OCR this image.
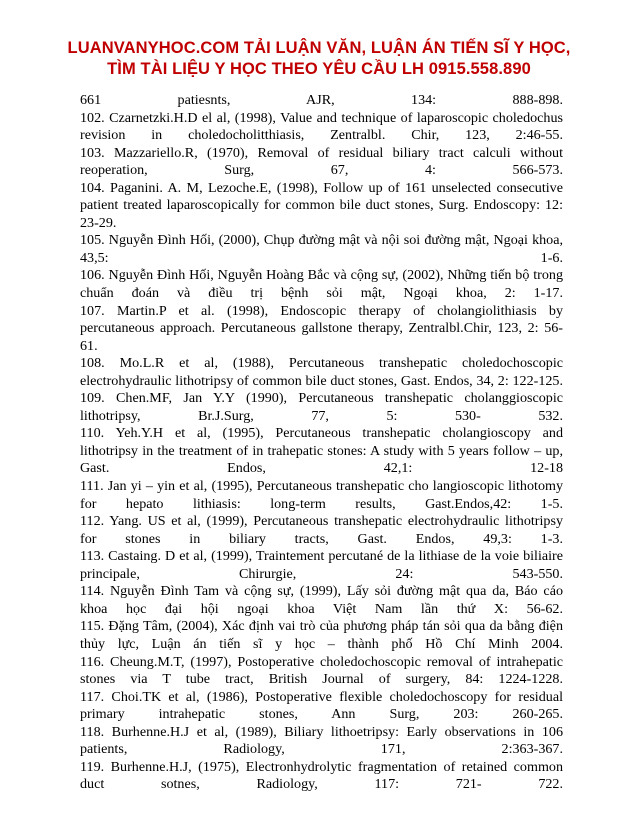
LUANVANYHOC.COM TẢI LUẬN VĂN, LUẬN ÁN TIẾN SĨ Y HỌC,
TÌM TÀI LIỆU Y HỌC THEO YÊU CẦU LH 0915.558.890
661 patiesnts, AJR, 134: 888-898.
102. Czarnetzki.H.D el al, (1998), Value and technique of laparoscopic choledochus
revision in choledocholitthiasis, Zentralbl. Chir, 123, 2:46-55.
103. Mazzariello.R, (1970), Removal of residual biliary tract calculi without
reoperation, Surg, 67, 4: 566-573.
104. Paganini. A. M, Lezoche.E, (1998), Follow up of 161 unselected consecutive
patient treated laparoscopically for common bile duct stones, Surg. Endoscopy: 12:
23-29.
105. Nguyễn Đình Hối, (2000), Chụp đường mật và nội soi đường mật, Ngoại khoa,
43,5: 1-6.
106. Nguyễn Đình Hối, Nguyễn Hoàng Bắc và cộng sự, (2002), Những tiến bộ trong
chuẩn đoán và điều trị bệnh sỏi mật, Ngoại khoa, 2: 1-17.
107. Martin.P et al. (1998), Endoscopic therapy of cholangiolithiasis by
percutaneous approach. Percutaneous gallstone therapy, Zentralbl.Chir, 123, 2: 56-
61.
108. Mo.L.R et al, (1988), Percutaneous transhepatic choledochoscopic
electrohydraulic lithotripsy of common bile duct stones, Gast. Endos, 34, 2: 122-125.
109. Chen.MF, Jan Y.Y (1990), Percutaneous transhepatic cholanggioscopic
lithotripsy, Br.J.Surg, 77, 5: 530- 532.
110. Yeh.Y.H et al, (1995), Percutaneous transhepatic cholangioscopy and
lithotripsy in the treatment of in trahepatic stones: A study with 5 years follow – up,
Gast. Endos, 42,1: 12-18
111. Jan yi – yin et al, (1995), Percutaneous transhepatic cho langioscopic lithotomy
for hepato lithiasis: long-term results, Gast.Endos,42: 1-5.
112. Yang. US et al, (1999), Percutaneous transhepatic electrohydraulic lithotripsy
for stones in biliary tracts, Gast. Endos, 49,3: 1-3.
113. Castaing. D et al, (1999), Traintement percutané de la lithiase de la voie biliaire
principale, Chirurgie, 24: 543-550.
114. Nguyễn Đình Tam và cộng sự, (1999), Lấy sỏi đường mật qua da, Báo cáo
khoa học đại hội ngoại khoa Việt Nam lần thứ X: 56-62.
115. Đặng Tâm, (2004), Xác định vai trò của phương pháp tán sỏi qua da bằng điện
thủy lực, Luận án tiến sĩ y học – thành phố Hồ Chí Minh 2004.
116. Cheung.M.T, (1997), Postoperative choledochoscopic removal of intrahepatic
stones via T tube tract, British Journal of surgery, 84: 1224-1228.
117. Choi.TK et al, (1986), Postoperative flexible choledochoscopy for residual
primary intrahepatic stones, Ann Surg, 203: 260-265.
118. Burhenne.H.J et al, (1989), Biliary lithoetripsy: Early observations in 106
patients, Radiology, 171, 2:363-367.
119. Burhenne.H.J, (1975), Electronhydrolytic fragmentation of retained common
duct sotnes, Radiology, 117: 721- 722.
